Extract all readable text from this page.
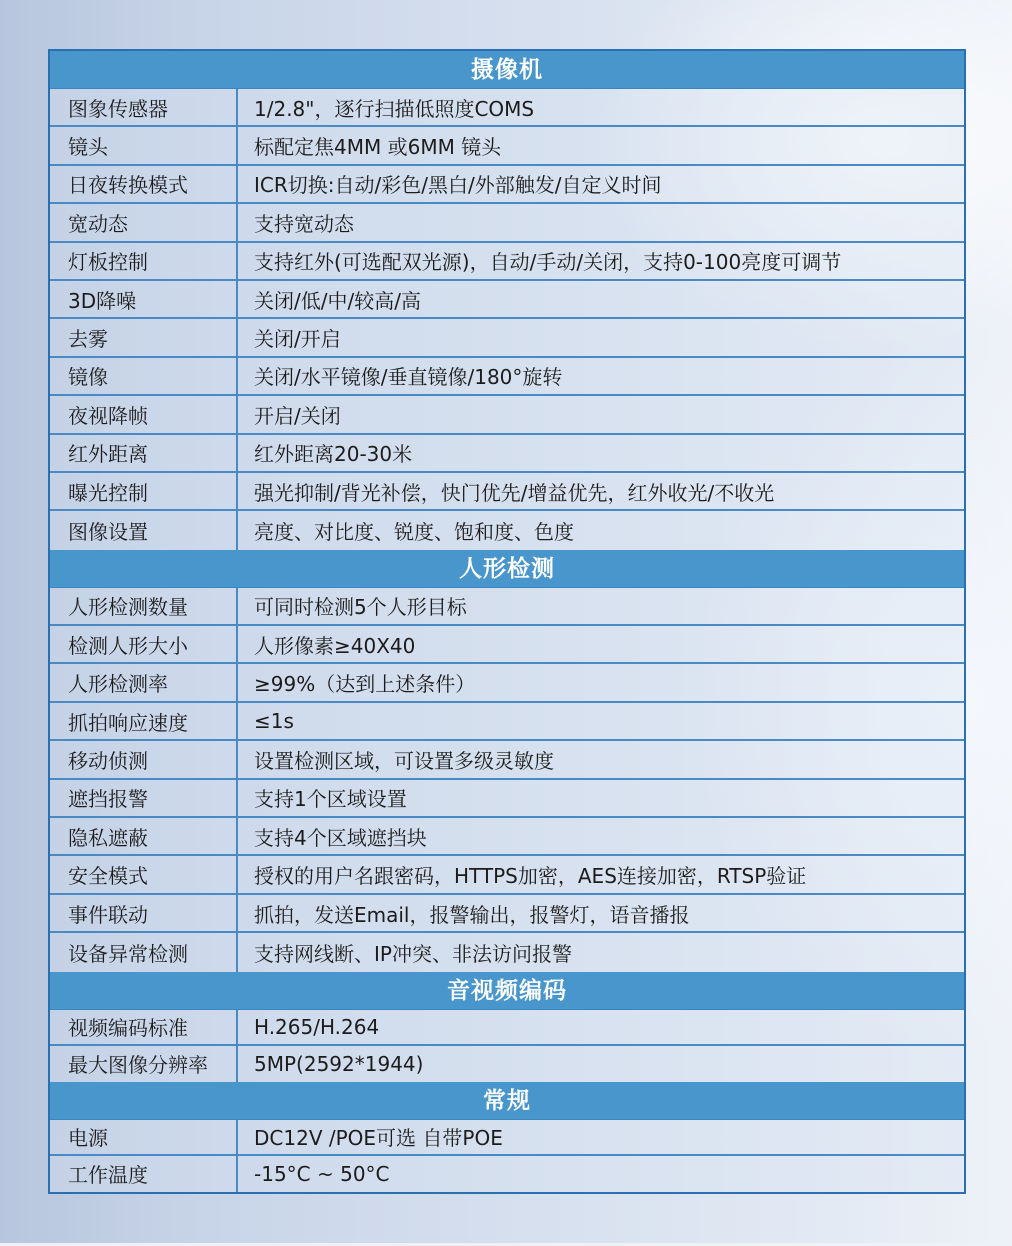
摄像机
图象传感器	1/2.8"，逐行扫描低照度COMS
镜头	标配定焦4MM 或6MM 镜头
日夜转换模式	ICR切换:自动/彩色/黑白/外部触发/自定义时间
宽动态	支持宽动态
灯板控制	支持红外(可选配双光源)，自动/手动/关闭，支持0-100亮度可调节
3D降噪	关闭/低/中/较高/高
去雾	关闭/开启
镜像	关闭/水平镜像/垂直镜像/180°旋转
夜视降帧	开启/关闭
红外距离	红外距离20-30米
曝光控制	强光抑制/背光补偿，快门优先/增益优先，红外收光/不收光
图像设置	亮度、对比度、锐度、饱和度、色度
人形检测
人形检测数量	可同时检测5个人形目标
检测人形大小	人形像素≥40X40
人形检测率	≥99%（达到上述条件）
抓拍响应速度	≤1s
移动侦测	设置检测区域，可设置多级灵敏度
遮挡报警	支持1个区域设置
隐私遮蔽	支持4个区域遮挡块
安全模式	授权的用户名跟密码，HTTPS加密，AES连接加密，RTSP验证
事件联动	抓拍，发送Email，报警输出，报警灯，语音播报
设备异常检测	支持网线断、IP冲突、非法访问报警
音视频编码
视频编码标准	H.265/H.264
最大图像分辨率	5MP(2592*1944)
常规
电源	DC12V /POE可选 自带POE
工作温度	-15°C ~ 50°C
